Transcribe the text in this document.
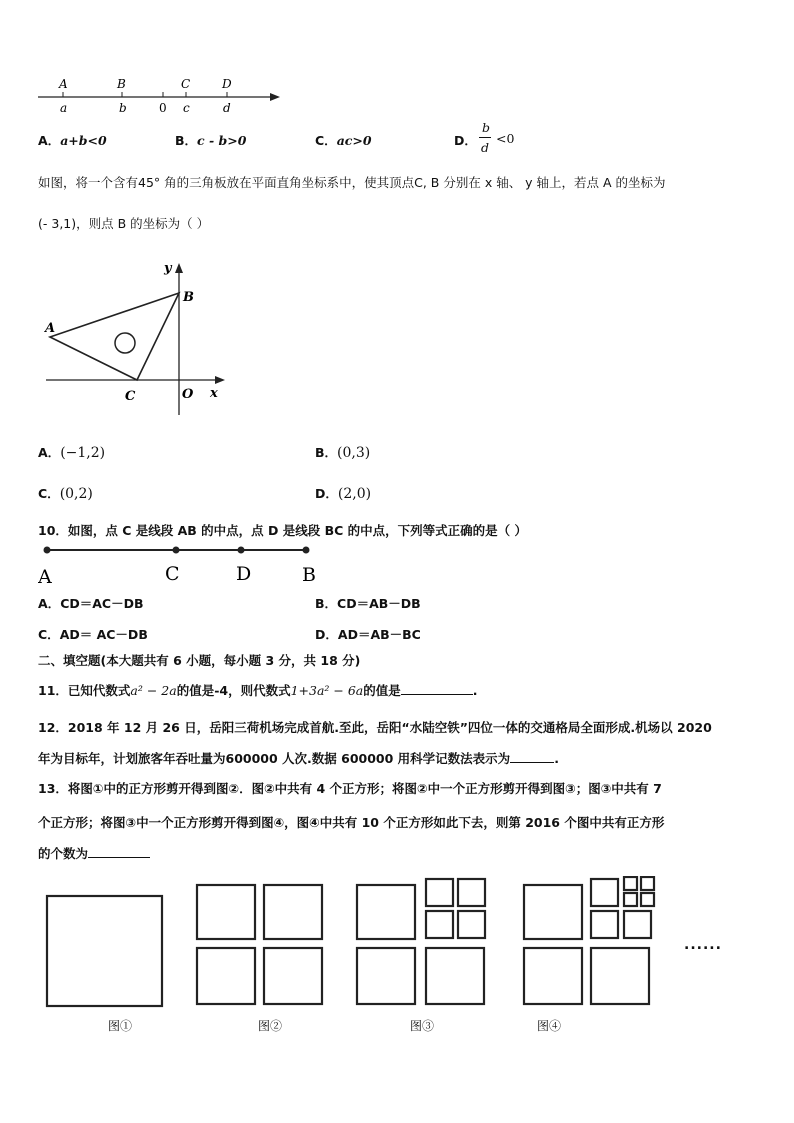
A	B	C	D
a	b	0 c	d
A．a+b<0	B．c - b>0	C．ac>0	D．
b
d
<0
如图，将一个含有45° 角的三角板放在平面直角坐标系中，使其顶点C, B 分别在 x 轴、 y 轴上，若点 A 的坐标为
(- 3,1)，则点 B 的坐标为（ ）
y
x
A
B
C	O
A．(−1,2)	B．(0,3)
C．(0,2)	D．(2,0)
10．如图，点 C 是线段 AB 的中点，点 D 是线段 BC 的中点，下列等式正确的是（ ）
A	C	D	B
A．CD＝AC－DB	B．CD＝AB－DB
C．AD＝ AC－DB	D．AD＝AB－BC
二、填空题(本大题共有 6 小题，每小题 3 分，共 18 分)
11．已知代数式a² − 2a的值是-4，则代数式1+3a² − 6a的值是	.
12．2018 年 12 月 26 日，岳阳三荷机场完成首航.至此，岳阳“水陆空铁”四位一体的交通格局全面形成.机场以 2020
年为目标年，计划旅客年吞吐量为600000 人次.数据 600000 用科学记数法表示为	.
13．将图①中的正方形剪开得到图②．图②中共有 4 个正方形；将图②中一个正方形剪开得到图③；图③中共有 7
个正方形；将图③中一个正方形剪开得到图④，图④中共有 10 个正方形如此下去，则第 2016 个图中共有正方形
的个数为
......
图①	图②	图③	图④
